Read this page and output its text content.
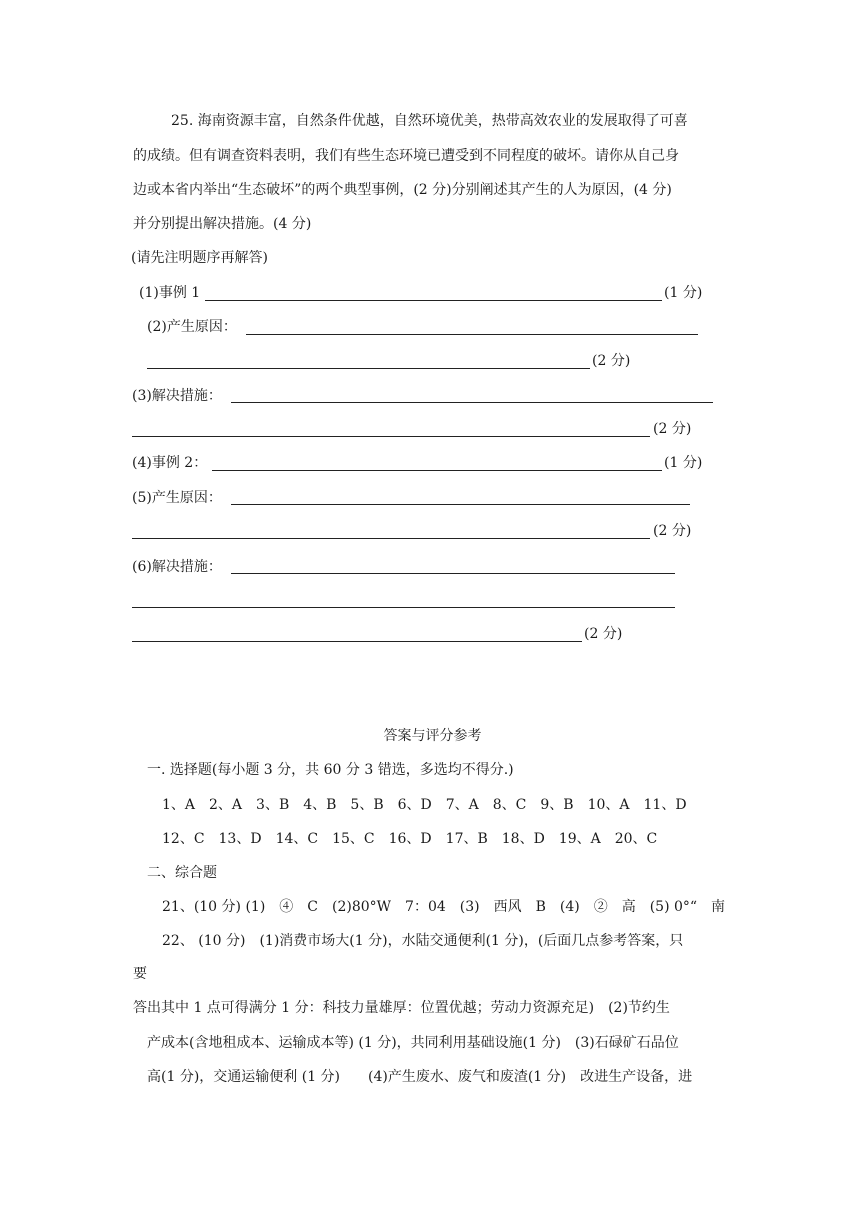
25. 海南资源丰富，自然条件优越，自然环境优美，热带高效农业的发展取得了可喜
的成绩。但有调查资料表明，我们有些生态环境已遭受到不同程度的破坏。请你从自己身
边或本省内举出“生态破坏”的两个典型事例，(2 分)分别阐述其产生的人为原因，(4 分)
并分别提出解决措施。(4 分)
(请先注明题序再解答)
(1)事例 1	(1 分)
(2)产生原因：
(2 分)
(3)解决措施：
(2 分)
(4)事例 2：	(1 分)
(5)产生原因：
(2 分)
(6)解决措施：
(2 分)
答案与评分参考
一. 选择题(每小题 3 分，共 60 分 3 错选，多选均不得分.)
1、A　2、A　3、B　4、B　5、B　6、D　7、A　8、C　9、B　10、A　11、D
12、C　13、D　14、C　15、C　16、D　17、B　18、D　19、A　20、C
二、综合题
21、(10 分) (1)　④　C　(2)80°W　7：04　(3)　西风　B　(4)　②　高　(5) 0°“　南
22、 (10 分)　(1)消费市场大(1 分)，水陆交通便利(1 分)，(后面几点参考答案，只
要
答出其中 1 点可得满分 1 分：科技力量雄厚：位置优越；劳动力资源充足)　(2)节约生
产成本(含地租成本、运输成本等) (1 分)，共同利用基础设施(1 分)　(3)石碌矿石品位
高(1 分)，交通运输便利 (1 分)　　(4)产生废水、废气和废渣(1 分)　改进生产设备，进
